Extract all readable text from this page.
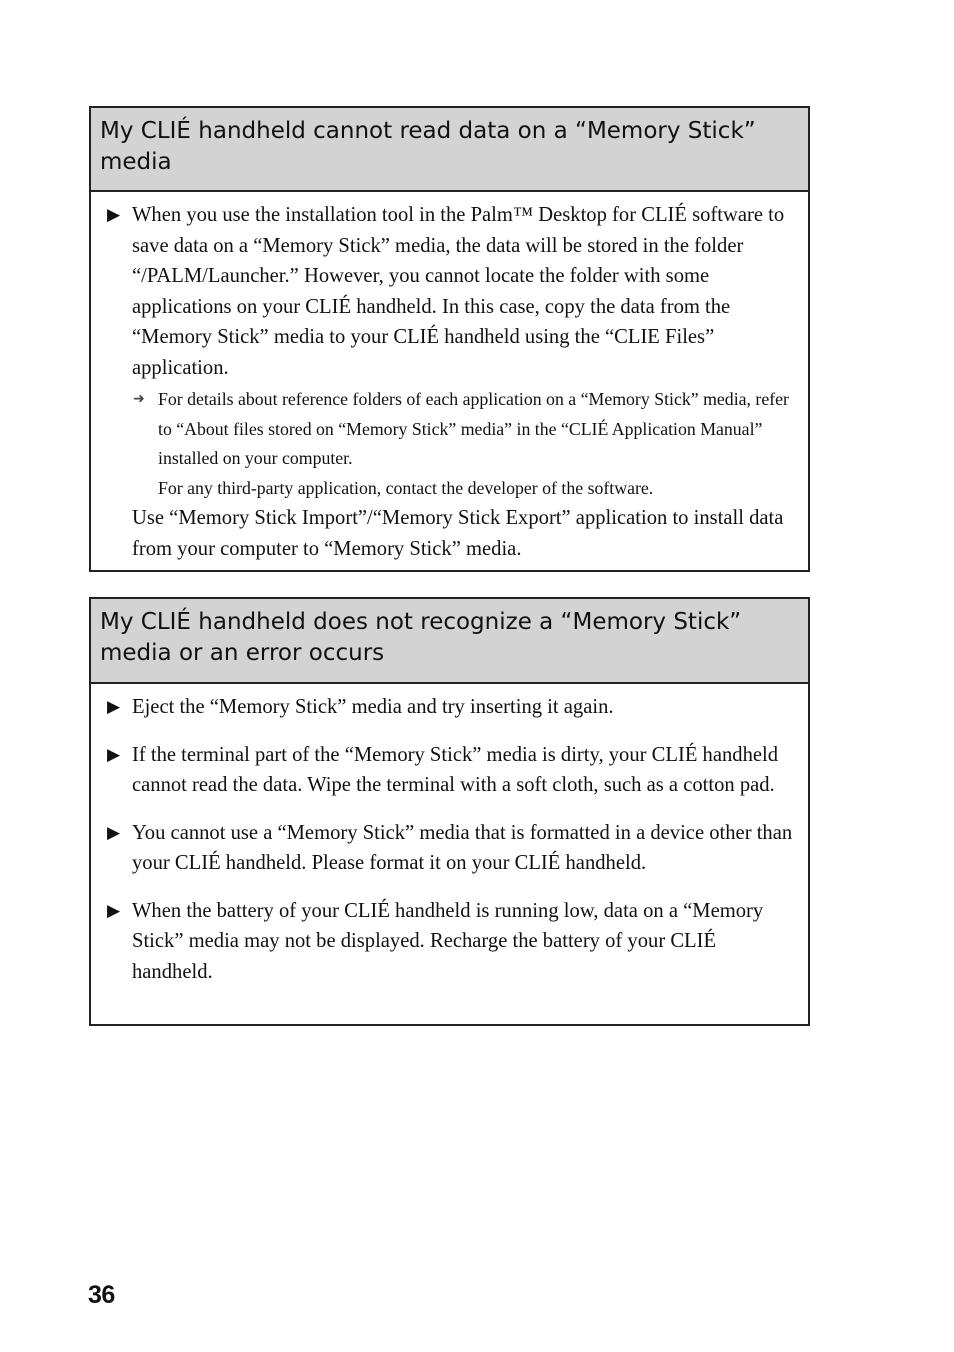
My CLIÉ handheld cannot read data on a “Memory Stick” media
▶ When you use the installation tool in the Palm™ Desktop for CLIÉ software to save data on a “Memory Stick” media, the data will be stored in the folder “/PALM/Launcher.” However, you cannot locate the folder with some applications on your CLIÉ handheld. In this case, copy the data from the “Memory Stick” media to your CLIÉ handheld using the “CLIE Files” application.
➜ For details about reference folders of each application on a “Memory Stick” media, refer to “About files stored on “Memory Stick” media” in the “CLIÉ Application Manual” installed on your computer.
For any third-party application, contact the developer of the software.
Use “Memory Stick Import”/“Memory Stick Export” application to install data from your computer to “Memory Stick” media.
My CLIÉ handheld does not recognize a “Memory Stick” media or an error occurs
▶ Eject the “Memory Stick” media and try inserting it again.
▶ If the terminal part of the “Memory Stick” media is dirty, your CLIÉ handheld cannot read the data. Wipe the terminal with a soft cloth, such as a cotton pad.
▶ You cannot use a “Memory Stick” media that is formatted in a device other than your CLIÉ handheld. Please format it on your CLIÉ handheld.
▶ When the battery of your CLIÉ handheld is running low, data on a “Memory Stick” media may not be displayed. Recharge the battery of your CLIÉ handheld.
36
